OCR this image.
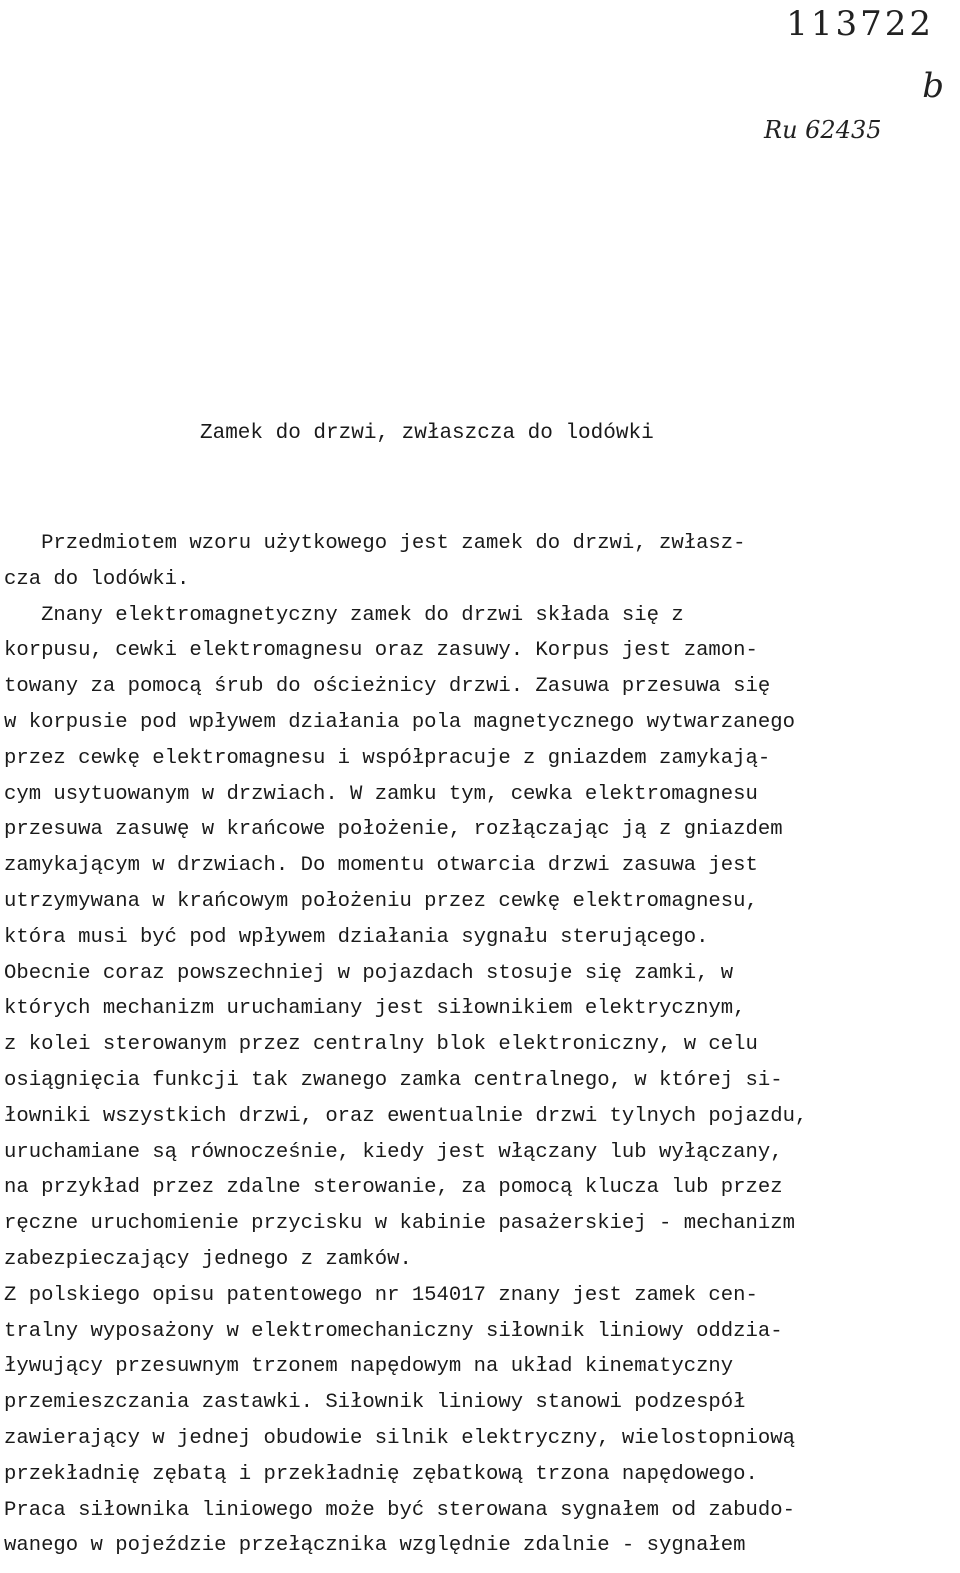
113722
b
Ru 62435
Zamek do drzwi, zwłaszcza do lodówki
Przedmiotem wzoru użytkowego jest zamek do drzwi, zwłasz-
cza do lodówki.
Znany elektromagnetyczny zamek do drzwi składa się z
korpusu, cewki elektromagnesu oraz zasuwy. Korpus jest zamon-
towany za pomocą śrub do ościeżnicy drzwi. Zasuwa przesuwa się
w korpusie pod wpływem działania pola magnetycznego wytwarzanego
przez cewkę elektromagnesu i współpracuje z gniazdem zamykają-
cym usytuowanym w drzwiach. W zamku tym, cewka elektromagnesu
przesuwa zasuwę w krańcowe położenie, rozłączając ją z gniazdem
zamykającym w drzwiach. Do momentu otwarcia drzwi zasuwa jest
utrzymywana w krańcowym położeniu przez cewkę elektromagnesu,
która musi być pod wpływem działania sygnału sterującego.
Obecnie coraz powszechniej w pojazdach stosuje się zamki, w
których mechanizm uruchamiany jest siłownikiem elektrycznym,
z kolei sterowanym przez centralny blok elektroniczny, w celu
osiągnięcia funkcji tak zwanego zamka centralnego, w której si-
łowniki wszystkich drzwi, oraz ewentualnie drzwi tylnych pojazdu,
uruchamiane są równocześnie, kiedy jest włączany lub wyłączany,
na przykład przez zdalne sterowanie, za pomocą klucza lub przez
ręczne uruchomienie przycisku w kabinie pasażerskiej - mechanizm
zabezpieczający jednego z zamków.
Z polskiego opisu patentowego nr 154017 znany jest zamek cen-
tralny wyposażony w elektromechaniczny siłownik liniowy oddzia-
ływujący przesuwnym trzonem napędowym na układ kinematyczny
przemieszczania zastawki. Siłownik liniowy stanowi podzespół
zawierający w jednej obudowie silnik elektryczny, wielostopniową
przekładnię zębatą i przekładnię zębatkową trzona napędowego.
Praca siłownika liniowego może być sterowana sygnałem od zabudo-
wanego w pojeździe przełącznika względnie zdalnie - sygnałem
